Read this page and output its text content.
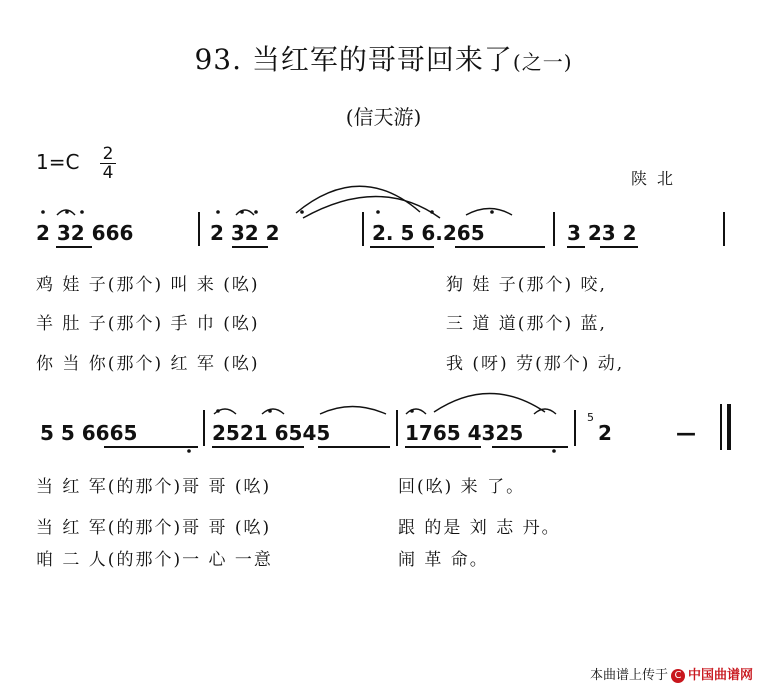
93. 当红军的哥哥回来了(之一)
(信天游)
1=C 2
4	陕北
2 32 666	2 32 2	2. 5 6.265	3 23 2
鸡 娃 子(那个) 叫 来 (吆)	狗 娃 子(那个) 咬,
羊 肚 子(那个) 手 巾 (吆)	三 道 道(那个) 蓝,
你 当 你(那个) 红 军 (吆)	我 (呀) 劳(那个) 动,
5 5 6665	2521 6545	1765 4325
5
2	—
当 红 军(的那个)哥 哥 (吆)	回(吆) 来 了。
当 红 军(的那个)哥 哥 (吆)	跟 的是 刘 志 丹。
咱 二 人(的那个)一 心 一意	闹 革 命。
本曲谱上传于 C 中国曲谱网
